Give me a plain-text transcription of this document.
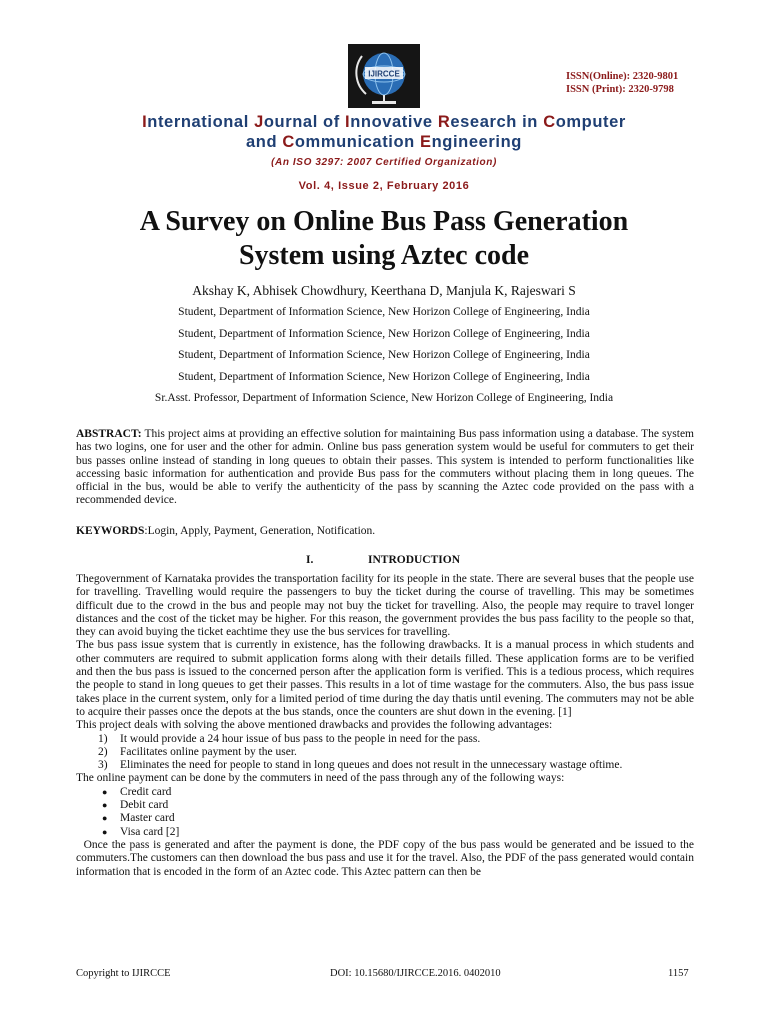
IJIRCCE	ISSN(Online): 2320-9801
ISSN (Print): 2320-9798
International Journal of Innovative Research in Computer
and Communication Engineering
(An ISO 3297: 2007 Certified Organization)
Vol. 4, Issue 2, February 2016
A Survey on Online Bus Pass Generation
System using Aztec code
Akshay K, Abhisek Chowdhury, Keerthana D, Manjula K, Rajeswari S
Student, Department of Information Science, New Horizon College of Engineering, India
Student, Department of Information Science, New Horizon College of Engineering, India
Student, Department of Information Science, New Horizon College of Engineering, India
Student, Department of Information Science, New Horizon College of Engineering, India
Sr.Asst. Professor, Department of Information Science, New Horizon College of Engineering, India

ABSTRACT: This project aims at providing an effective solution for maintaining Bus pass information using a database. The system has two logins, one for user and the other for admin. Online bus pass generation system would be useful for commuters to get their bus passes online instead of standing in long queues to obtain their passes. This system is intended to perform functionalities like accessing basic information for authentication and provide Bus pass for the commuters without placing them in long queues. The official in the bus, would be able to verify the authenticity of the pass by scanning the Aztec code provided on the pass with a recommended device.

KEYWORDS:Login, Apply, Payment, Generation, Notification.

I.	INTRODUCTION

Thegovernment of Karnataka provides the transportation facility for its people in the state. There are several buses that the people use for travelling. Travelling would require the passengers to buy the ticket during the course of travelling. This may be sometimes difficult due to the crowd in the bus and people may not buy the ticket for travelling. Also, the people may require to travel longer distances and the cost of the ticket may be higher. For this reason, the government provides the bus pass facility to the people so that, they can avoid buying the ticket eachtime they use the bus services for travelling.

The bus pass issue system that is currently in existence, has the following drawbacks. It is a manual process in which students and other commuters are required to submit application forms along with their details filled. These application forms are to be verified and then the bus pass is issued to the concerned person after the application form is verified. This is a tedious process, which requires the people to stand in long queues to get their passes. This results in a lot of time wastage for the commuters. Also, the bus pass issue takes place in the current system, only for a limited period of time during the day thatis until evening. The commuters may not be able to acquire their passes once the depots at the bus stands, once the counters are shut down in the evening. [1]

This project deals with solving the above mentioned drawbacks and provides the following advantages:

1) It would provide a 24 hour issue of bus pass to the people in need for the pass.
2) Facilitates online payment by the user.
3) Eliminates the need for people to stand in long queues and does not result in the unnecessary wastage oftime.

The online payment can be done by the commuters in need of the pass through any of the following ways:

● Credit card
● Debit card
● Master card
● Visa card [2]

Once the pass is generated and after the payment is done, the PDF copy of the bus pass would be generated and be issued to the commuters.The customers can then download the bus pass and use it for the travel. Also, the PDF of the pass generated would contain information that is encoded in the form of an Aztec code. This Aztec pattern can then be

Copyright to IJIRCCE	DOI: 10.15680/IJIRCCE.2016. 0402010	1157
